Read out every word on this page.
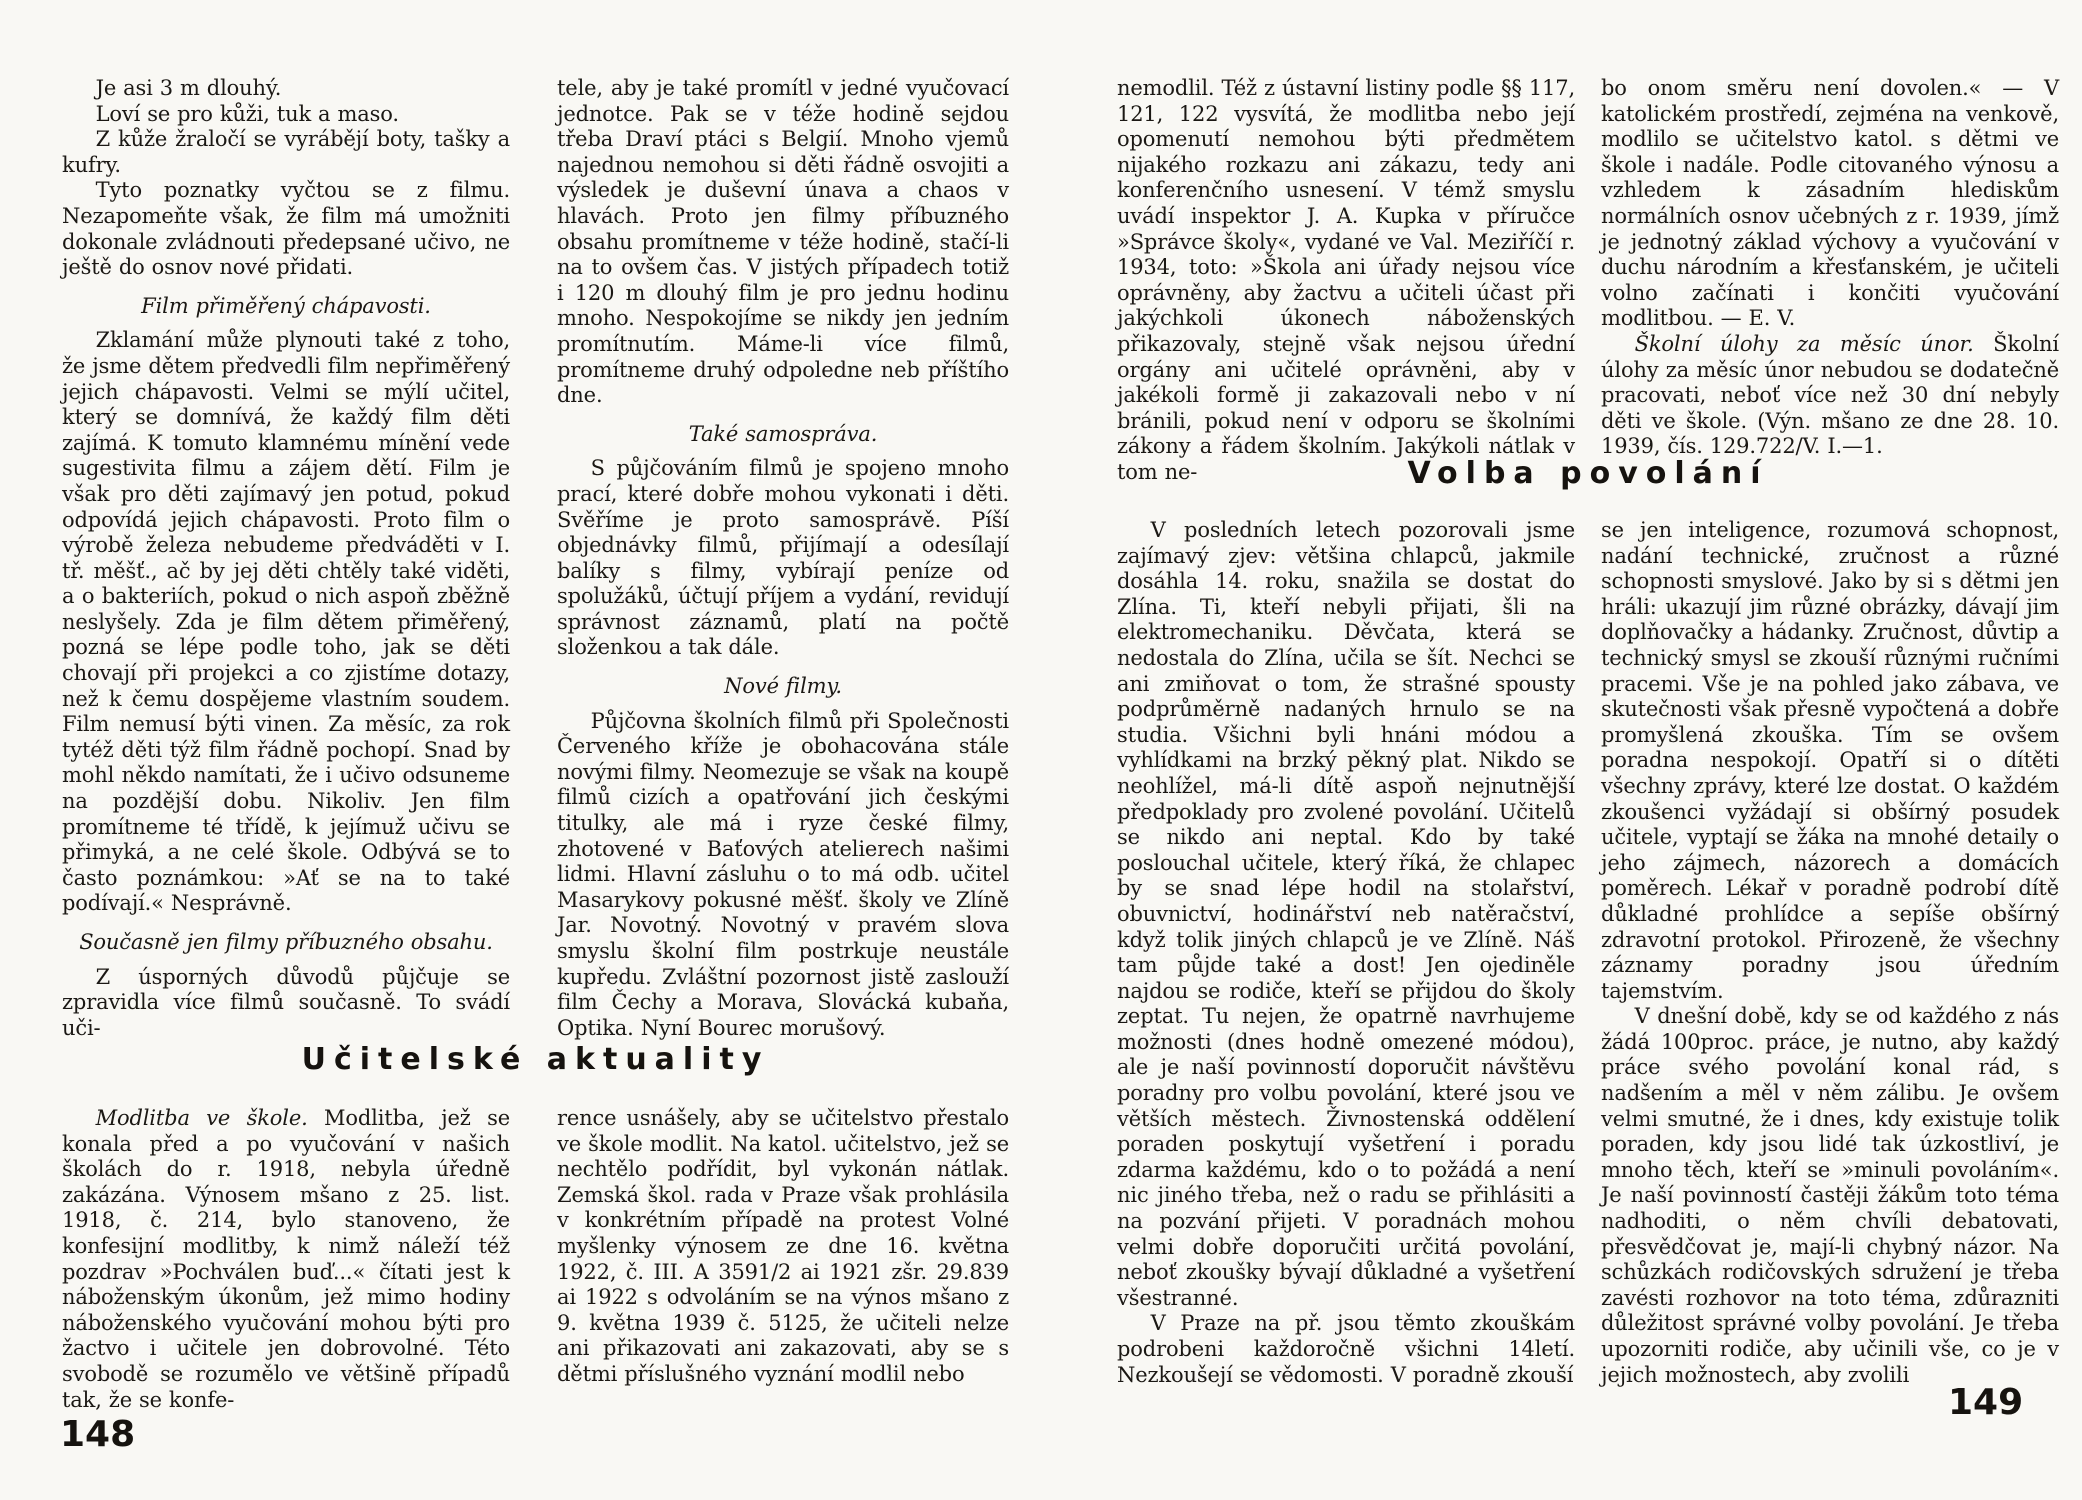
Je asi 3 m dlouhý.

Loví se pro kůži, tuk a maso.

Z kůže žraločí se vyrábějí boty, tašky a kufry.

Tyto poznatky vyčtou se z filmu. Nezapomeňte však, že film má umožniti dokonale zvládnouti předepsané učivo, ne ještě do osnov nové přidati.

Film přiměřený chápavosti.

Zklamání může plynouti také z toho, že jsme dětem předvedli film nepřiměřený jejich chápavosti. Velmi se mýlí učitel, který se domnívá, že každý film děti zajímá. K tomuto klamnému mínění vede sugestivita filmu a zájem dětí. Film je však pro děti zajímavý jen potud, pokud odpovídá jejich chápavosti. Proto film o výrobě železa nebudeme předváděti v I. tř. měšť., ač by jej děti chtěly také viděti, a o bakteriích, pokud o nich aspoň zběžně neslyšely. Zda je film dětem přiměřený, pozná se lépe podle toho, jak se děti chovají při projekci a co zjistíme dotazy, než k čemu dospějeme vlastním soudem. Film nemusí býti vinen. Za měsíc, za rok tytéž děti týž film řádně pochopí. Snad by mohl někdo namítati, že i učivo odsuneme na pozdější dobu. Nikoliv. Jen film promítneme té třídě, k jejímuž učivu se přimyká, a ne celé škole. Odbývá se to často poznámkou: »Ať se na to také podívají.« Nesprávně.

Současně jen filmy příbuzného obsahu.

Z úsporných důvodů půjčuje se zpravidla více filmů současně. To svádí uči-

tele, aby je také promítl v jedné vyučovací jednotce. Pak se v téže hodině sejdou třeba Draví ptáci s Belgií. Mnoho vjemů najednou nemohou si děti řádně osvojiti a výsledek je duševní únava a chaos v hlavách. Proto jen filmy příbuzného obsahu promítneme v téže hodině, stačí-li na to ovšem čas. V jistých případech totiž i 120 m dlouhý film je pro jednu hodinu mnoho. Nespokojíme se nikdy jen jedním promítnutím. Máme-li více filmů, promítneme druhý odpoledne neb příštího dne.

Také samospráva.

S půjčováním filmů je spojeno mnoho prací, které dobře mohou vykonati i děti. Svěříme je proto samosprávě. Píší objednávky filmů, přijímají a odesílají balíky s filmy, vybírají peníze od spolužáků, účtují příjem a vydání, revidují správnost záznamů, platí na počtě složenkou a tak dále.

Nové filmy.

Půjčovna školních filmů při Společnosti Červeného kříže je obohacována stále novými filmy. Neomezuje se však na koupě filmů cizích a opatřování jich českými titulky, ale má i ryze české filmy, zhotovené v Baťových atelierech našimi lidmi. Hlavní zásluhu o to má odb. učitel Masarykovy pokusné měšť. školy ve Zlíně Jar. Novotný. Novotný v pravém slova smyslu školní film postrkuje neustále kupředu. Zvláštní pozornost jistě zaslouží film Čechy a Morava, Slovácká kubaňa, Optika. Nyní Bourec morušový.

Učitelské aktuality

Modlitba ve škole. Modlitba, jež se konala před a po vyučování v našich školách do r. 1918, nebyla úředně zakázána. Výnosem mšano z 25. list. 1918, č. 214, bylo stanoveno, že konfesijní modlitby, k nimž náleží též pozdrav »Pochválen buď...« čítati jest k náboženským úkonům, jež mimo hodiny náboženského vyučování mohou býti pro žactvo i učitele jen dobrovolné. Této svobodě se rozumělo ve většině případů tak, že se konfe-

rence usnášely, aby se učitelstvo přestalo ve škole modlit. Na katol. učitelstvo, jež se nechtělo podřídit, byl vykonán nátlak. Zemská škol. rada v Praze však prohlásila v konkrétním případě na protest Volné myšlenky výnosem ze dne 16. května 1922, č. III. A 3591/2 ai 1921 zšr. 29.839 ai 1922 s odvoláním se na výnos mšano z 9. května 1939 č. 5125, že učiteli nelze ani přikazovati ani zakazovati, aby se s dětmi příslušného vyznání modlil nebo

148

nemodlil. Též z ústavní listiny podle §§ 117, 121, 122 vysvítá, že modlitba nebo její opomenutí nemohou býti předmětem nijakého rozkazu ani zákazu, tedy ani konferenčního usnesení. V témž smyslu uvádí inspektor J. A. Kupka v příručce »Správce školy«, vydané ve Val. Meziříčí r. 1934, toto: »Škola ani úřady nejsou více oprávněny, aby žactvu a učiteli účast při jakýchkoli úkonech náboženských přikazovaly, stejně však nejsou úřední orgány ani učitelé oprávněni, aby v jakékoli formě ji zakazovali nebo v ní bránili, pokud není v odporu se školními zákony a řádem školním. Jakýkoli nátlak v tom ne-

bo onom směru není dovolen.« — V katolickém prostředí, zejména na venkově, modlilo se učitelstvo katol. s dětmi ve škole i nadále. Podle citovaného výnosu a vzhledem k zásadním hlediskům normálních osnov učebných z r. 1939, jímž je jednotný základ výchovy a vyučování v duchu národním a křesťanském, je učiteli volno začínati i končiti vyučování modlitbou. — E. V.

Školní úlohy za měsíc únor. Školní úlohy za měsíc únor nebudou se dodatečně pracovati, neboť více než 30 dní nebyly děti ve škole. (Výn. mšano ze dne 28. 10. 1939, čís. 129.722/V. I.—1.

Volba povolání

V posledních letech pozorovali jsme zajímavý zjev: většina chlapců, jakmile dosáhla 14. roku, snažila se dostat do Zlína. Ti, kteří nebyli přijati, šli na elektromechaniku. Děvčata, která se nedostala do Zlína, učila se šít. Nechci se ani zmiňovat o tom, že strašné spousty podprůměrně nadaných hrnulo se na studia. Všichni byli hnáni módou a vyhlídkami na brzký pěkný plat. Nikdo se neohlížel, má-li dítě aspoň nejnutnější předpoklady pro zvolené povolání. Učitelů se nikdo ani neptal. Kdo by také poslouchal učitele, který říká, že chlapec by se snad lépe hodil na stolařství, obuvnictví, hodinářství neb natěračství, když tolik jiných chlapců je ve Zlíně. Náš tam půjde také a dost! Jen ojediněle najdou se rodiče, kteří se přijdou do školy zeptat. Tu nejen, že opatrně navrhujeme možnosti (dnes hodně omezené módou), ale je naší povinností doporučit návštěvu poradny pro volbu povolání, které jsou ve větších městech. Živnostenská oddělení poraden poskytují vyšetření i poradu zdarma každému, kdo o to požádá a není nic jiného třeba, než o radu se přihlásiti a na pozvání přijeti. V poradnách mohou velmi dobře doporučiti určitá povolání, neboť zkoušky bývají důkladné a vyšetření všestranné.

V Praze na př. jsou těmto zkouškám podrobeni každoročně všichni 14letí. Nezkoušejí se vědomosti. V poradně zkouší

se jen inteligence, rozumová schopnost, nadání technické, zručnost a různé schopnosti smyslové. Jako by si s dětmi jen hráli: ukazují jim různé obrázky, dávají jim doplňovačky a hádanky. Zručnost, důvtip a technický smysl se zkouší různými ručními pracemi. Vše je na pohled jako zábava, ve skutečnosti však přesně vypočtená a dobře promyšlená zkouška. Tím se ovšem poradna nespokojí. Opatří si o dítěti všechny zprávy, které lze dostat. O každém zkoušenci vyžádají si obšírný posudek učitele, vyptají se žáka na mnohé detaily o jeho zájmech, názorech a domácích poměrech. Lékař v poradně podrobí dítě důkladné prohlídce a sepíše obšírný zdravotní protokol. Přirozeně, že všechny záznamy poradny jsou úředním tajemstvím.

V dnešní době, kdy se od každého z nás žádá 100proc. práce, je nutno, aby každý práce svého povolání konal rád, s nadšením a měl v něm zálibu. Je ovšem velmi smutné, že i dnes, kdy existuje tolik poraden, kdy jsou lidé tak úzkostliví, je mnoho těch, kteří se »minuli povoláním«. Je naší povinností častěji žákům toto téma nadhoditi, o něm chvíli debatovati, přesvědčovat je, mají-li chybný názor. Na schůzkách rodičovských sdružení je třeba zavésti rozhovor na toto téma, zdůrazniti důležitost správné volby povolání. Je třeba upozorniti rodiče, aby učinili vše, co je v jejich možnostech, aby zvolili

149
